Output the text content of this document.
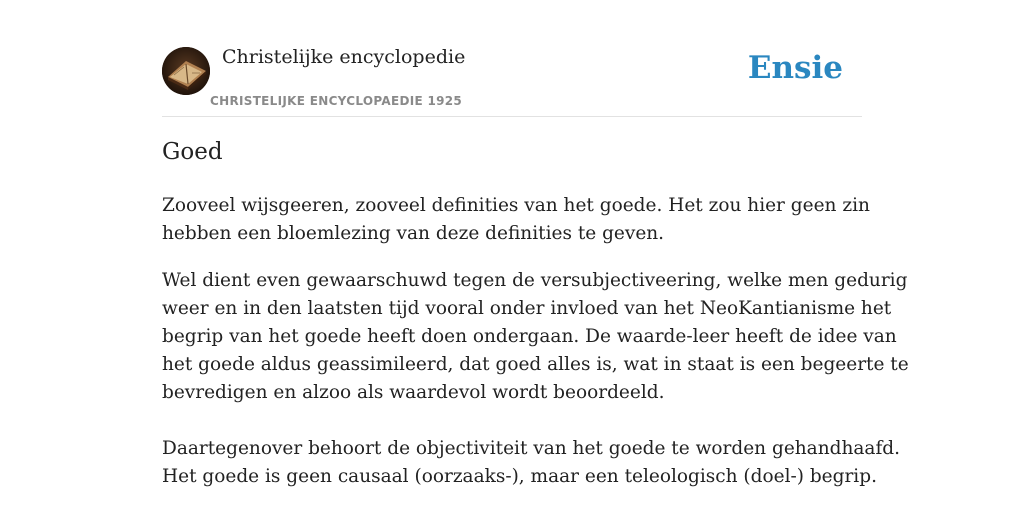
Christelijke encyclopedie
CHRISTELIJKE ENCYCLOPAEDIE 1925
Ensie
Goed
Zooveel wijsgeeren, zooveel definities van het goede. Het zou hier geen zin
hebben een bloemlezing van deze definities te geven.
Wel dient even gewaarschuwd tegen de versubjectiveering, welke men gedurig
weer en in den laatsten tijd vooral onder invloed van het NeoKantianisme het
begrip van het goede heeft doen ondergaan. De waarde-leer heeft de idee van
het goede aldus geassimileerd, dat goed alles is, wat in staat is een begeerte te
bevredigen en alzoo als waardevol wordt beoordeeld.

Daartegenover behoort de objectiviteit van het goede te worden gehandhaafd.
Het goede is geen causaal (oorzaaks-), maar een teleologisch (doel-) begrip.
